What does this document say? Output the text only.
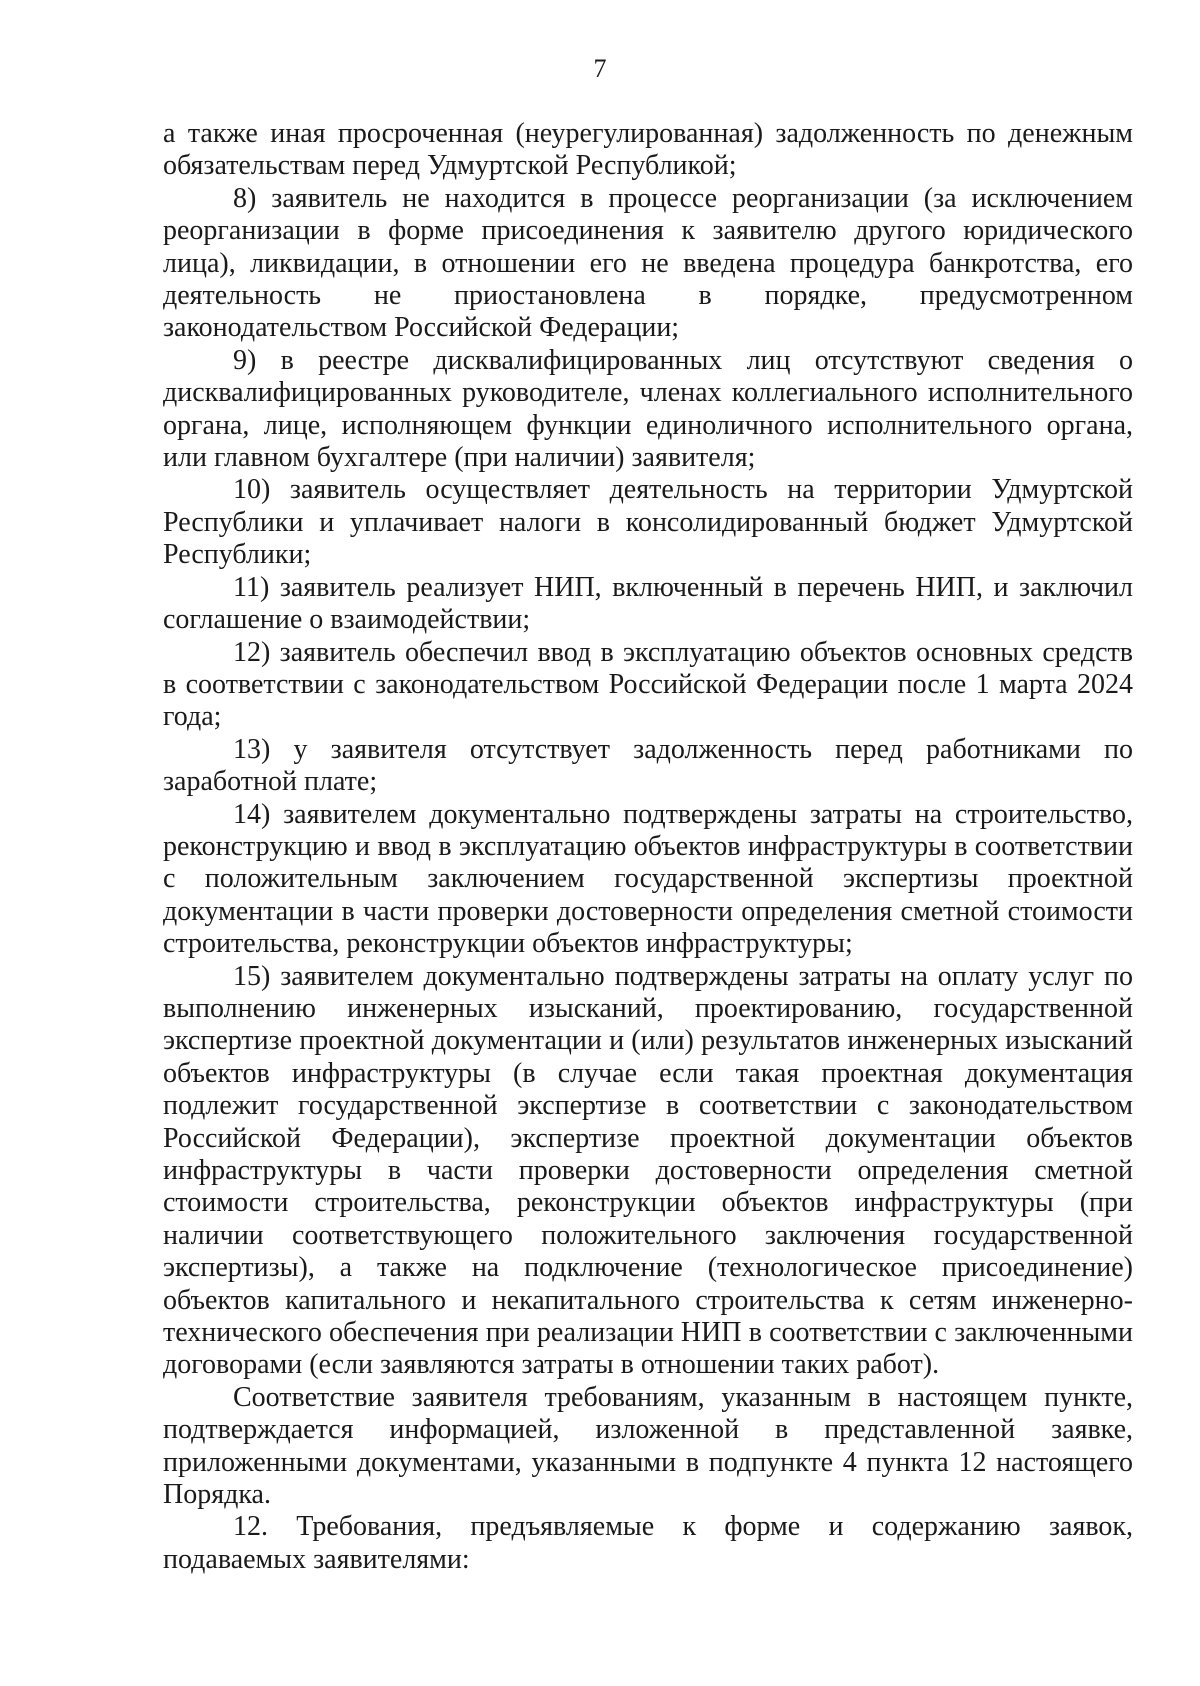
7

а также иная просроченная (неурегулированная) задолженность по денежным обязательствам перед Удмуртской Республикой;

8) заявитель не находится в процессе реорганизации (за исключением реорганизации в форме присоединения к заявителю другого юридического лица), ликвидации, в отношении его не введена процедура банкротства, его деятельность не приостановлена в порядке, предусмотренном законодательством Российской Федерации;

9) в реестре дисквалифицированных лиц отсутствуют сведения о дисквалифицированных руководителе, членах коллегиального исполнительного органа, лице, исполняющем функции единоличного исполнительного органа, или главном бухгалтере (при наличии) заявителя;

10) заявитель осуществляет деятельность на территории Удмуртской Республики и уплачивает налоги в консолидированный бюджет Удмуртской Республики;

11) заявитель реализует НИП, включенный в перечень НИП, и заключил соглашение о взаимодействии;

12) заявитель обеспечил ввод в эксплуатацию объектов основных средств в соответствии с законодательством Российской Федерации после 1 марта 2024 года;

13) у заявителя отсутствует задолженность перед работниками по заработной плате;

14) заявителем документально подтверждены затраты на строительство, реконструкцию и ввод в эксплуатацию объектов инфраструктуры в соответствии с положительным заключением государственной экспертизы проектной документации в части проверки достоверности определения сметной стоимости строительства, реконструкции объектов инфраструктуры;

15) заявителем документально подтверждены затраты на оплату услуг по выполнению инженерных изысканий, проектированию, государственной экспертизе проектной документации и (или) результатов инженерных изысканий объектов инфраструктуры (в случае если такая проектная документация подлежит государственной экспертизе в соответствии с законодательством Российской Федерации), экспертизе проектной документации объектов инфраструктуры в части проверки достоверности определения сметной стоимости строительства, реконструкции объектов инфраструктуры (при наличии соответствующего положительного заключения государственной экспертизы), а также на подключение (технологическое присоединение) объектов капитального и некапитального строительства к сетям инженерно-технического обеспечения при реализации НИП в соответствии с заключенными договорами (если заявляются затраты в отношении таких работ).

Соответствие заявителя требованиям, указанным в настоящем пункте, подтверждается информацией, изложенной в представленной заявке, приложенными документами, указанными в подпункте 4 пункта 12 настоящего Порядка.

12. Требования, предъявляемые к форме и содержанию заявок, подаваемых заявителями:
